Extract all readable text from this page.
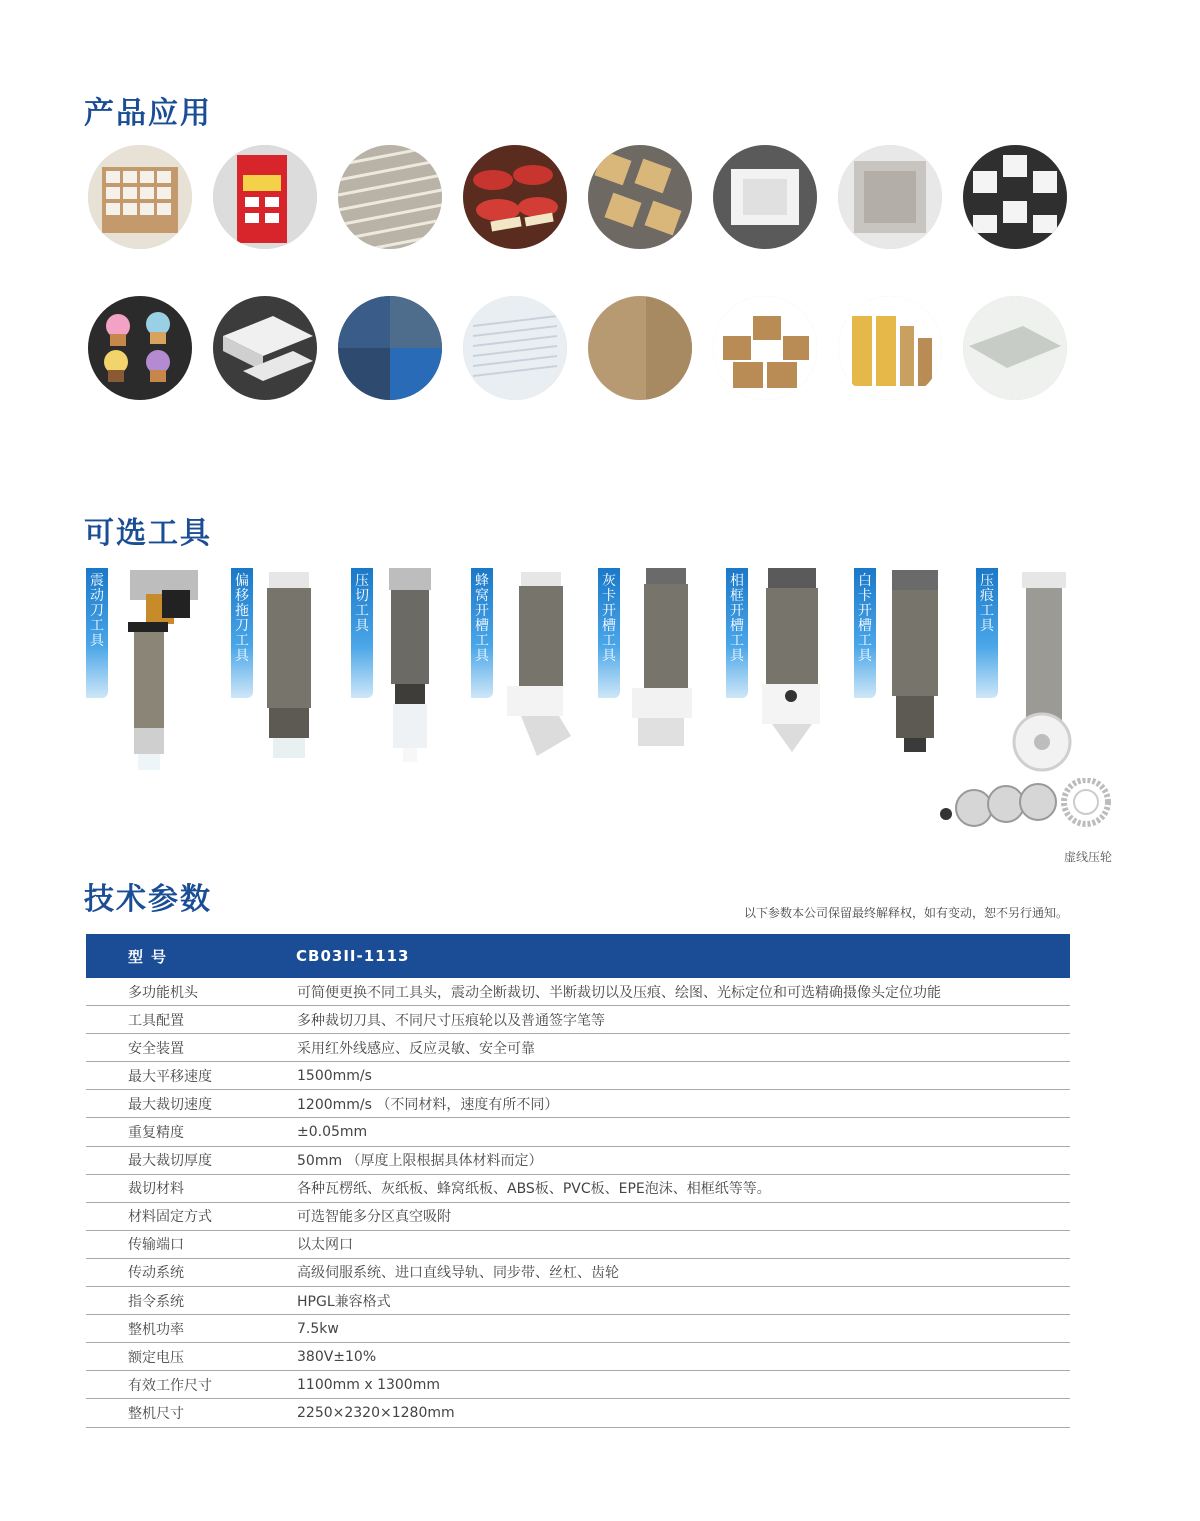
产品应用
可选工具
震动刀工具
偏移拖刀工具
压切工具
蜂窝开槽工具
灰卡开槽工具
相框开槽工具
白卡开槽工具
压痕工具
虚线压轮
技术参数	以下参数本公司保留最终解释权，如有变动，恕不另行通知。
型号	CB03II-1113
多功能机头	可简便更换不同工具头，震动全断裁切、半断裁切以及压痕、绘图、光标定位和可选精确摄像头定位功能
工具配置	多种裁切刀具、不同尺寸压痕轮以及普通签字笔等
安全装置	采用红外线感应、反应灵敏、安全可靠
最大平移速度	1500mm/s
最大裁切速度	1200mm/s （不同材料，速度有所不同）
重复精度	±0.05mm
最大裁切厚度	50mm （厚度上限根据具体材料而定）
裁切材料	各种瓦楞纸、灰纸板、蜂窝纸板、ABS板、PVC板、EPE泡沫、相框纸等等。
材料固定方式	可选智能多分区真空吸附
传输端口	以太网口
传动系统	高级伺服系统、进口直线导轨、同步带、丝杠、齿轮
指令系统	HPGL兼容格式
整机功率	7.5kw
额定电压	380V±10%
有效工作尺寸	1100mm x 1300mm
整机尺寸	2250×2320×1280mm
